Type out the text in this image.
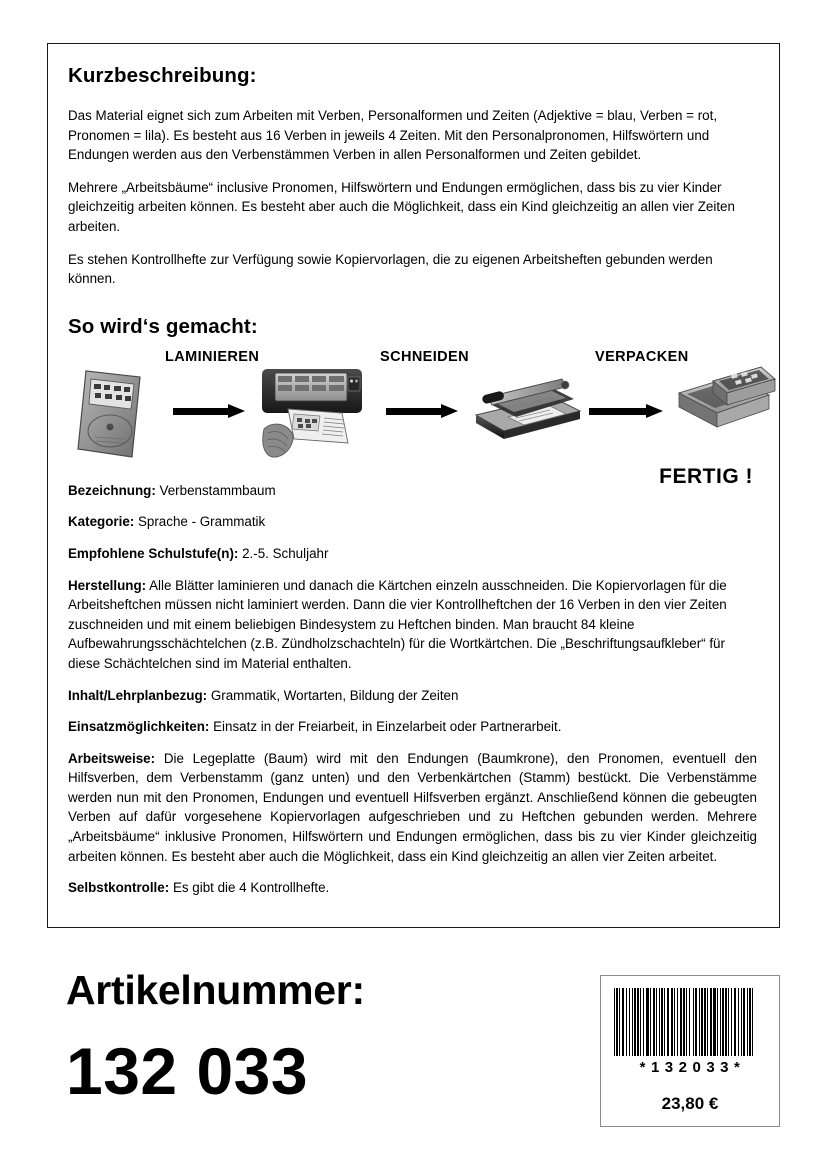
Kurzbeschreibung:

Das Material eignet sich zum Arbeiten mit Verben, Personalformen und Zeiten (Adjektive = blau, Verben = rot, Pronomen = lila). Es besteht aus 16 Verben in jeweils 4 Zeiten. Mit den Personalpronomen, Hilfswörtern und Endungen werden aus den Verbenstämmen Verben in allen Personalformen und Zeiten gebildet.

Mehrere „Arbeitsbäume“ inclusive Pronomen, Hilfswörtern und Endungen ermöglichen, dass bis zu vier Kinder gleichzeitig arbeiten können. Es besteht aber auch die Möglichkeit, dass ein Kind gleichzeitig an allen vier Zeiten arbeiten.

Es stehen Kontrollhefte zur Verfügung sowie Kopiervorlagen, die zu eigenen Arbeitsheften gebunden werden können.

So wird‘s gemacht:
LAMINIEREN	SCHNEIDEN	VERPACKEN
FERTIG !

Bezeichnung: Verbenstammbaum

Kategorie: Sprache - Grammatik

Empfohlene Schulstufe(n): 2.-5. Schuljahr

Herstellung: Alle Blätter laminieren und danach die Kärtchen einzeln ausschneiden. Die Kopiervorlagen für die Arbeitsheftchen müssen nicht laminiert werden. Dann die vier Kontrollheftchen der 16 Verben in den vier Zeiten zuschneiden und mit einem beliebigen Bindesystem zu Heftchen binden. Man braucht 84 kleine Aufbewahrungsschächtelchen (z.B. Zündholzschachteln) für die Wortkärtchen. Die „Beschriftungsaufkleber“ für diese Schächtelchen sind im Material enthalten.

Inhalt/Lehrplanbezug: Grammatik, Wortarten, Bildung der Zeiten

Einsatzmöglichkeiten: Einsatz in der Freiarbeit, in Einzelarbeit oder Partnerarbeit.

Arbeitsweise: Die Legeplatte (Baum) wird mit den Endungen (Baumkrone), den Pronomen, eventuell den Hilfsverben, dem Verbenstamm (ganz unten) und den Verbenkärtchen (Stamm) bestückt. Die Verbenstämme werden nun mit den Pronomen, Endungen und eventuell Hilfsverben ergänzt. Anschließend können die gebeugten Verben auf dafür vorgesehene Kopiervorlagen aufgeschrieben und zu Heftchen gebunden werden. Mehrere „Arbeitsbäume“ inklusive Pronomen, Hilfswörtern und Endungen ermöglichen, dass bis zu vier Kinder gleichzeitig arbeiten können. Es besteht aber auch die Möglichkeit, dass ein Kind gleichzeitig an allen vier Zeiten arbeitet.

Selbstkontrolle: Es gibt die 4 Kontrollhefte.

Artikelnummer:
132 033	*132033*
23,80 €
